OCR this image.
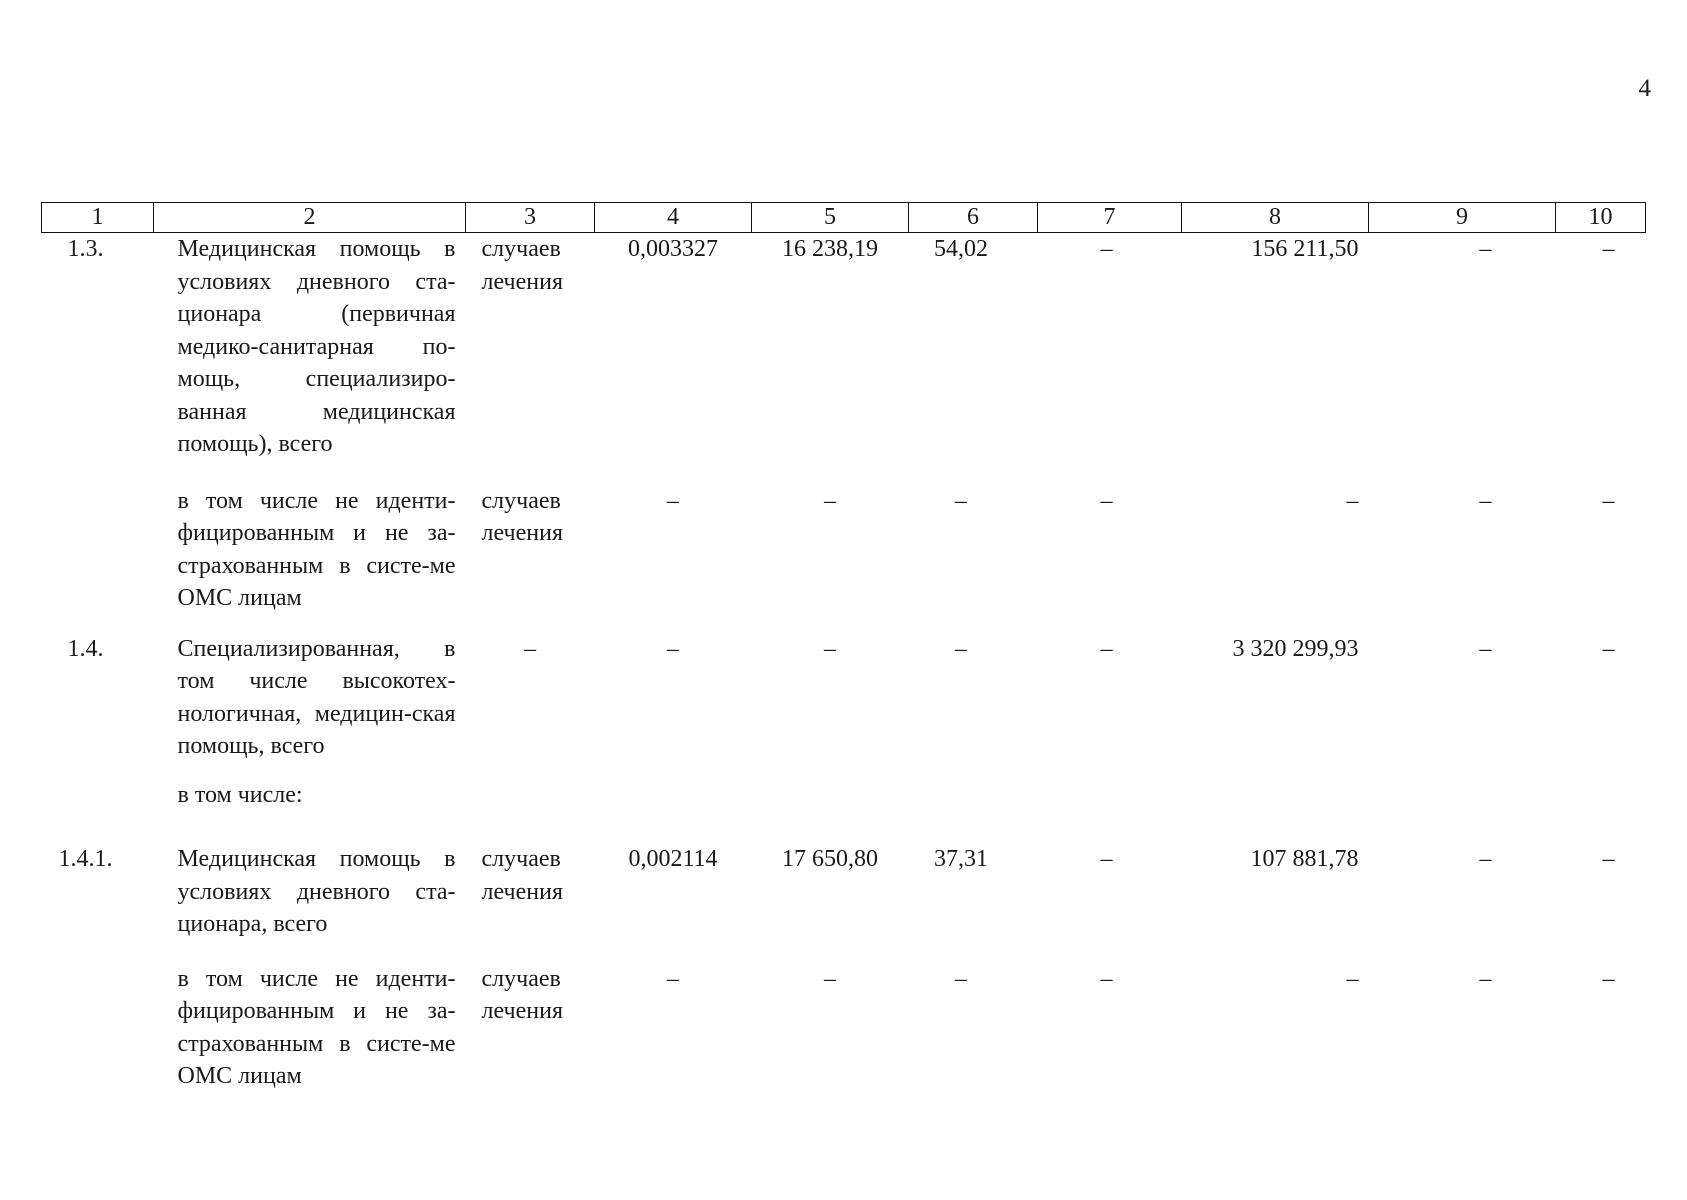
4
1	2	3	4	5	6	7	8	9	10
1.3.	Медицинская помощь в условиях дневного ста-ционара (первичная медико-санитарная по-мощь, специализиро-ванная медицинская помощь), всего	случаев лечения	0,003327	16 238,19	54,02	–	156 211,50	–	–
	в том числе не иденти-фицированным и не за-страхованным в систе-ме ОМС лицам	случаев лечения	–	–	–	–	–	–	–
1.4.	Специализированная, в том числе высокотех-нологичная, медицин-ская помощь, всего	–	–	–	–	–	3 320 299,93	–	–
	в том числе:								
1.4.1.	Медицинская помощь в условиях дневного ста-ционара, всего	случаев лечения	0,002114	17 650,80	37,31	–	107 881,78	–	–
	в том числе не иденти-фицированным и не за-страхованным в систе-ме ОМС лицам	случаев лечения	–	–	–	–	–	–	–
